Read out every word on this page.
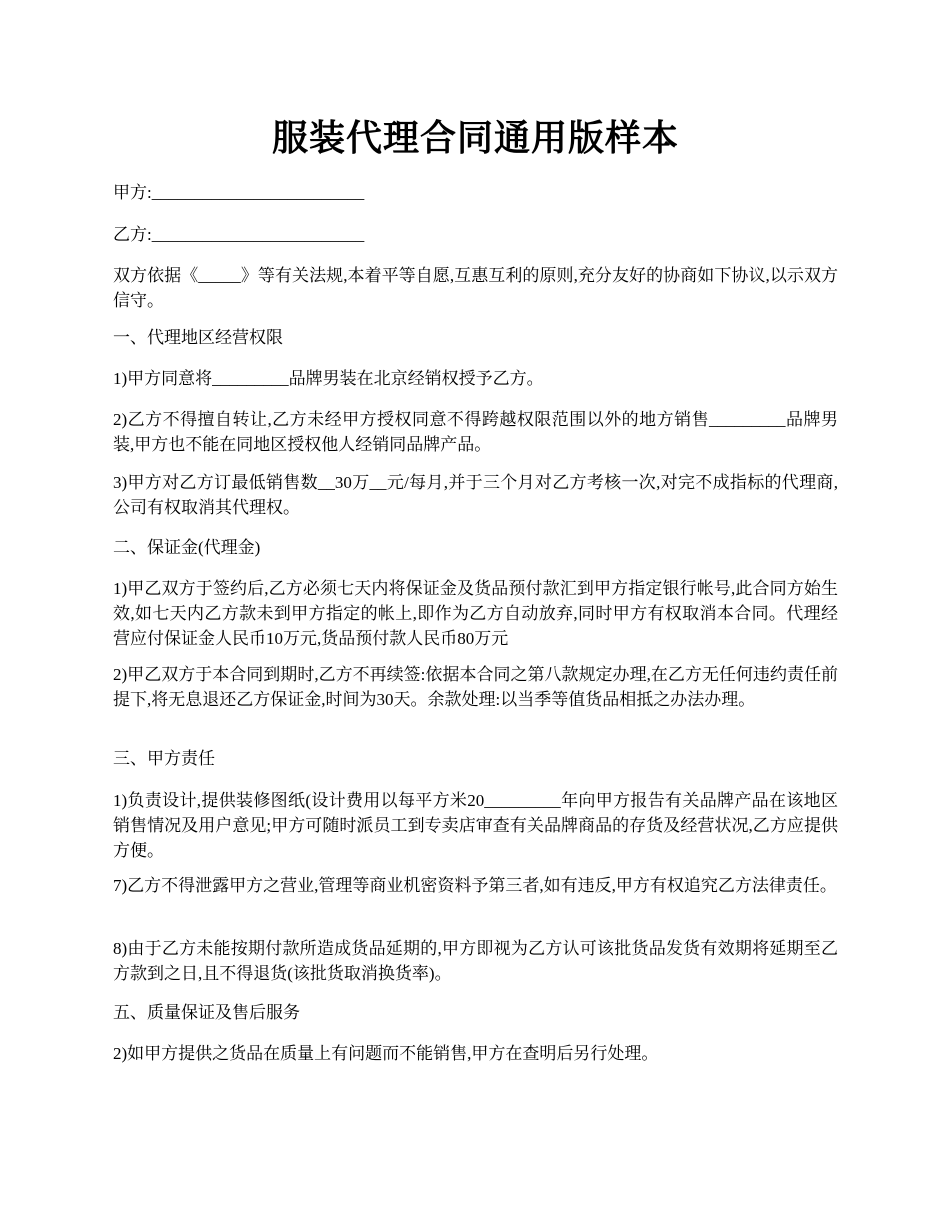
服装代理合同通用版样本

甲方:_________________________

乙方:_________________________

双方依据《_____》等有关法规,本着平等自愿,互惠互利的原则,充分友好的协商如下协议,以示双方信守。

一、代理地区经营权限

1)甲方同意将_________品牌男装在北京经销权授予乙方。

2)乙方不得擅自转让,乙方未经甲方授权同意不得跨越权限范围以外的地方销售_________品牌男装,甲方也不能在同地区授权他人经销同品牌产品。

3)甲方对乙方订最低销售数__30万__元/每月,并于三个月对乙方考核一次,对完不成指标的代理商,公司有权取消其代理权。

二、保证金(代理金)

1)甲乙双方于签约后,乙方必须七天内将保证金及货品预付款汇到甲方指定银行帐号,此合同方始生效,如七天内乙方款未到甲方指定的帐上,即作为乙方自动放弃,同时甲方有权取消本合同。代理经营应付保证金人民币10万元,货品预付款人民币80万元

2)甲乙双方于本合同到期时,乙方不再续签:依据本合同之第八款规定办理,在乙方无任何违约责任前提下,将无息退还乙方保证金,时间为30天。余款处理:以当季等值货品相抵之办法办理。

三、甲方责任

1)负责设计,提供装修图纸(设计费用以每平方米20_________年向甲方报告有关品牌产品在该地区销售情况及用户意见;甲方可随时派员工到专卖店审查有关品牌商品的存货及经营状况,乙方应提供方便。

7)乙方不得泄露甲方之营业,管理等商业机密资料予第三者,如有违反,甲方有权追究乙方法律责任。

8)由于乙方未能按期付款所造成货品延期的,甲方即视为乙方认可该批货品发货有效期将延期至乙方款到之日,且不得退货(该批货取消换货率)。

五、质量保证及售后服务

2)如甲方提供之货品在质量上有问题而不能销售,甲方在查明后另行处理。
